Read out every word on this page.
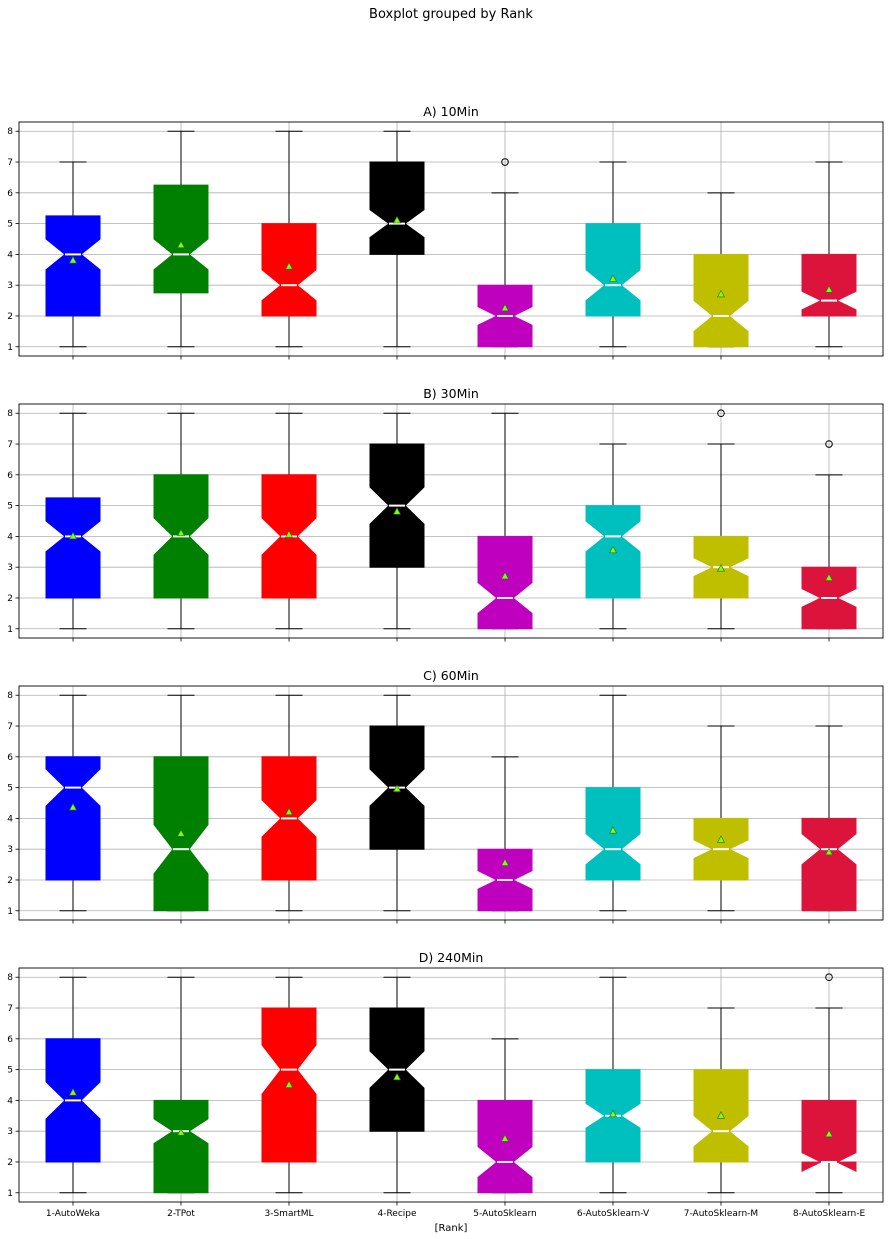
Boxplot grouped by Rank
A) 10Min
1
2
3
4
5
6
7
8
B) 30Min
1
2
3
4
5
6
7
8
C) 60Min
1
2
3
4
5
6
7
8
D) 240Min
1
2
3
4
5
6
7
8
1-AutoWeka	2-TPot	3-SmartML	4-Recipe	5-AutoSklearn	6-AutoSklearn-V	7-AutoSklearn-M	8-AutoSklearn-E
[Rank]
